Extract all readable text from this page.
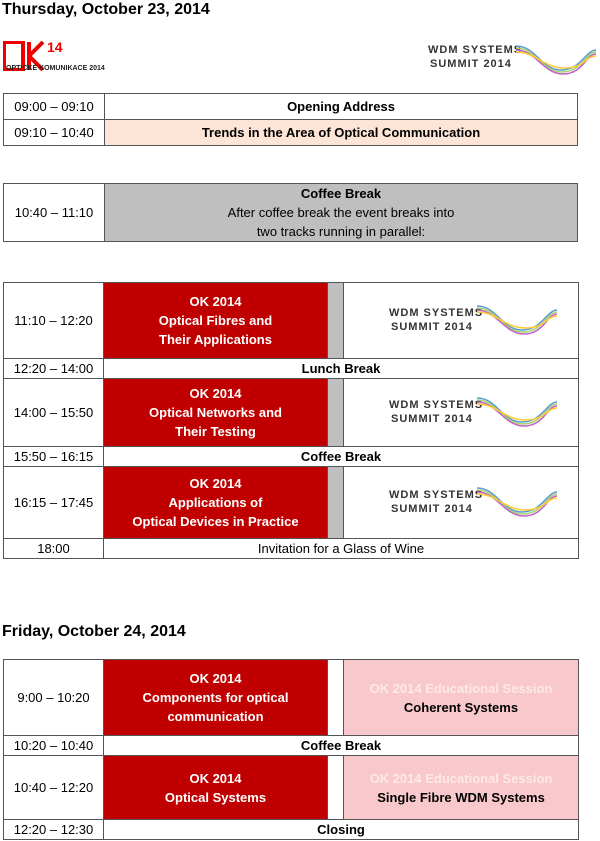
Thursday, October 23, 2014
14
OPTICKÉ KOMUNIKACE 2014
WDM SYSTEMS
SUMMIT 2014
09:00 – 09:10	Opening Address
09:10 – 10:40	Trends in the Area of Optical Communication
10:40 – 11:10	
Coffee Break
After coffee break the event breaks into
two tracks running in parallel:
11:10 – 12:20	OK 2014
Optical Fibres and
Their Applications		WDM SYSTEMS
SUMMIT 2014

12:20 – 14:00	Lunch Break		
14:00 – 15:50	OK 2014
Optical Networks and
Their Testing		WDM SYSTEMS
SUMMIT 2014

15:50 – 16:15	Coffee Break		
16:15 – 17:45	OK 2014
Applications of
Optical Devices in Practice		WDM SYSTEMS
SUMMIT 2014

18:00	Invitation for a Glass of Wine		
Friday, October 24, 2014
9:00 – 10:20	OK 2014
Components for optical
communication		OK 2014 Educational Session
Coherent Systems

10:20 – 10:40	Coffee Break		
10:40 – 12:20	OK 2014
Optical Systems		OK 2014 Educational Session
Single Fibre WDM Systems

12:20 – 12:30	Closing		
